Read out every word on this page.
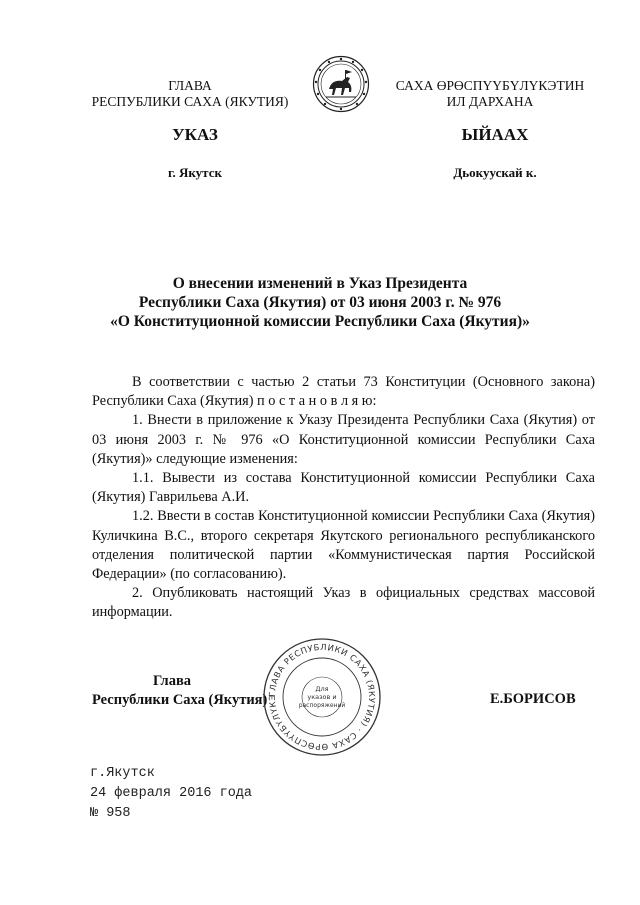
ГЛАВА
РЕСПУБЛИКИ САХА (ЯКУТИЯ)
САХА ӨРӨСПҮҮБҮЛҮКЭТИН
ИЛ ДАРХАНА
УКАЗ	ЫЙААХ
г. Якутск	Дьокуускай к.
О внесении изменений в Указ Президента
Республики Саха (Якутия) от 03 июня 2003 г. № 976
«О Конституционной комиссии Республики Саха (Якутия)»

В соответствии с частью 2 статьи 73 Конституции (Основного закона) Республики Саха (Якутия) п о с т а н о в л я ю:

1. Внести в приложение к Указу Президента Республики Саха (Якутия) от 03 июня 2003 г. № 976 «О Конституционной комиссии Республики Саха (Якутия)» следующие изменения:

1.1. Вывести из состава Конституционной комиссии Республики Саха (Якутия) Гаврильева А.И.

1.2. Ввести в состав Конституционной комиссии Республики Саха (Якутия) Куличкина В.С., второго секретаря Якутского регионального республиканского отделения политической партии «Коммунистическая партия Российской Федерации» (по согласованию).

2. Опубликовать настоящий Указ в официальных средствах массовой информации.

Глава
Республики Саха (Якутия)	Е.БОРИСОВ
ГЛАВА РЕСПУБЛИКИ САХА (ЯКУТИЯ) · САХА ӨРӨСПҮҮБҮЛҮКЭ
Для
указов и
распоряжений
г.Якутск
24 февраля 2016 года
№ 958
